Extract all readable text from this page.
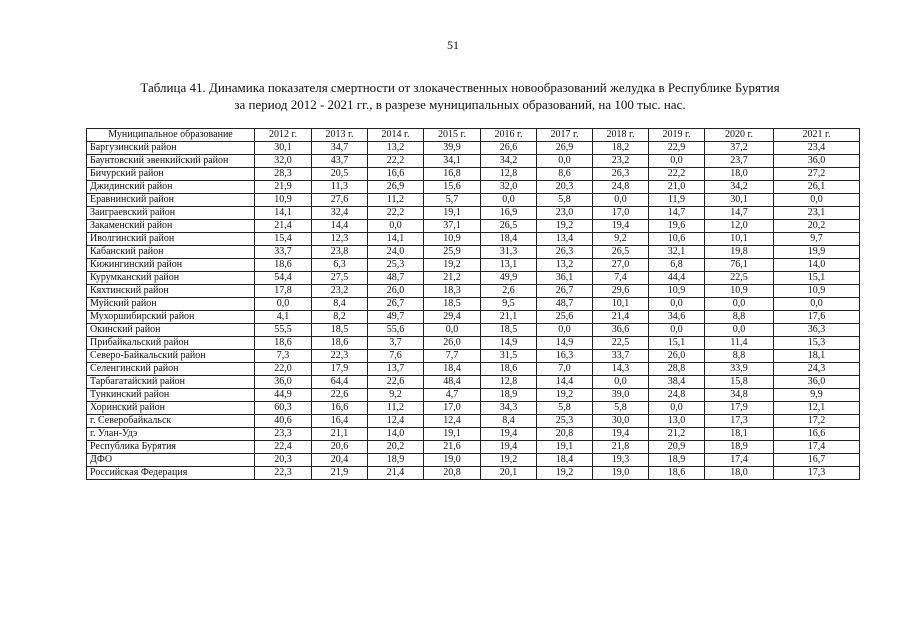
51
Таблица 41. Динамика показателя смертности от злокачественных новообразований желудка в Республике Бурятия
за период 2012 - 2021 гг., в разрезе муниципальных образований, на 100 тыс. нас.
Муниципальное образование	2012 г.	2013 г.	2014 г.	2015 г.	2016 г.	2017 г.	2018 г.	2019 г.	2020 г.	2021 г.
Баргузинский район	30,1	34,7	13,2	39,9	26,6	26,9	18,2	22,9	37,2	23,4
Баунтовский эвенкийский район	32,0	43,7	22,2	34,1	34,2	0,0	23,2	0,0	23,7	36,0
Бичурский район	28,3	20,5	16,6	16,8	12,8	8,6	26,3	22,2	18,0	27,2
Джидинский район	21,9	11,3	26,9	15,6	32,0	20,3	24,8	21,0	34,2	26,1
Еравнинский район	10,9	27,6	11,2	5,7	0,0	5,8	0,0	11,9	30,1	0,0
Заиграевский район	14,1	32,4	22,2	19,1	16,9	23,0	17,0	14,7	14,7	23,1
Закаменский район	21,4	14,4	0,0	37,1	26,5	19,2	19,4	19,6	12,0	20,2
Иволгинский район	15,4	12,3	14,1	10,9	18,4	13,4	9,2	10,6	10,1	9,7
Кабанский район	33,7	23,8	24,0	25,9	31,3	26,3	26,5	32,1	19,8	19,9
Кижингинский район	18,6	6,3	25,3	19,2	13,1	13,2	27,0	6,8	76,1	14,0
Курумканский район	54,4	27,5	48,7	21,2	49,9	36,1	7,4	44,4	22,5	15,1
Кяхтинский район	17,8	23,2	26,0	18,3	2,6	26,7	29,6	10,9	10,9	10,9
Муйский район	0,0	8,4	26,7	18,5	9,5	48,7	10,1	0,0	0,0	0,0
Мухоршибирский район	4,1	8,2	49,7	29,4	21,1	25,6	21,4	34,6	8,8	17,6
Окинский район	55,5	18,5	55,6	0,0	18,5	0,0	36,6	0,0	0,0	36,3
Прибайкальский район	18,6	18,6	3,7	26,0	14,9	14,9	22,5	15,1	11,4	15,3
Северо-Байкальский район	7,3	22,3	7,6	7,7	31,5	16,3	33,7	26,0	8,8	18,1
Селенгинский район	22,0	17,9	13,7	18,4	18,6	7,0	14,3	28,8	33,9	24,3
Тарбагатайский район	36,0	64,4	22,6	48,4	12,8	14,4	0,0	38,4	15,8	36,0
Тункинский район	44,9	22,6	9,2	4,7	18,9	19,2	39,0	24,8	34,8	9,9
Хоринский район	60,3	16,6	11,2	17,0	34,3	5,8	5,8	0,0	17,9	12,1
г. Северобайкальск	40,6	16,4	12,4	12,4	8,4	25,3	30,0	13,0	17,3	17,2
г. Улан-Удэ	23,3	21,1	14,0	19,1	19,4	20,8	19,4	21,2	18,1	16,6
Республика Бурятия	22,4	20,6	20,2	21,6	19,4	19,1	21,8	20,9	18,9	17,4
ДФО	20,3	20,4	18,9	19,0	19,2	18,4	19,3	18,9	17,4	16,7
Российская Федерация	22,3	21,9	21,4	20,8	20,1	19,2	19,0	18,6	18,0	17,3
